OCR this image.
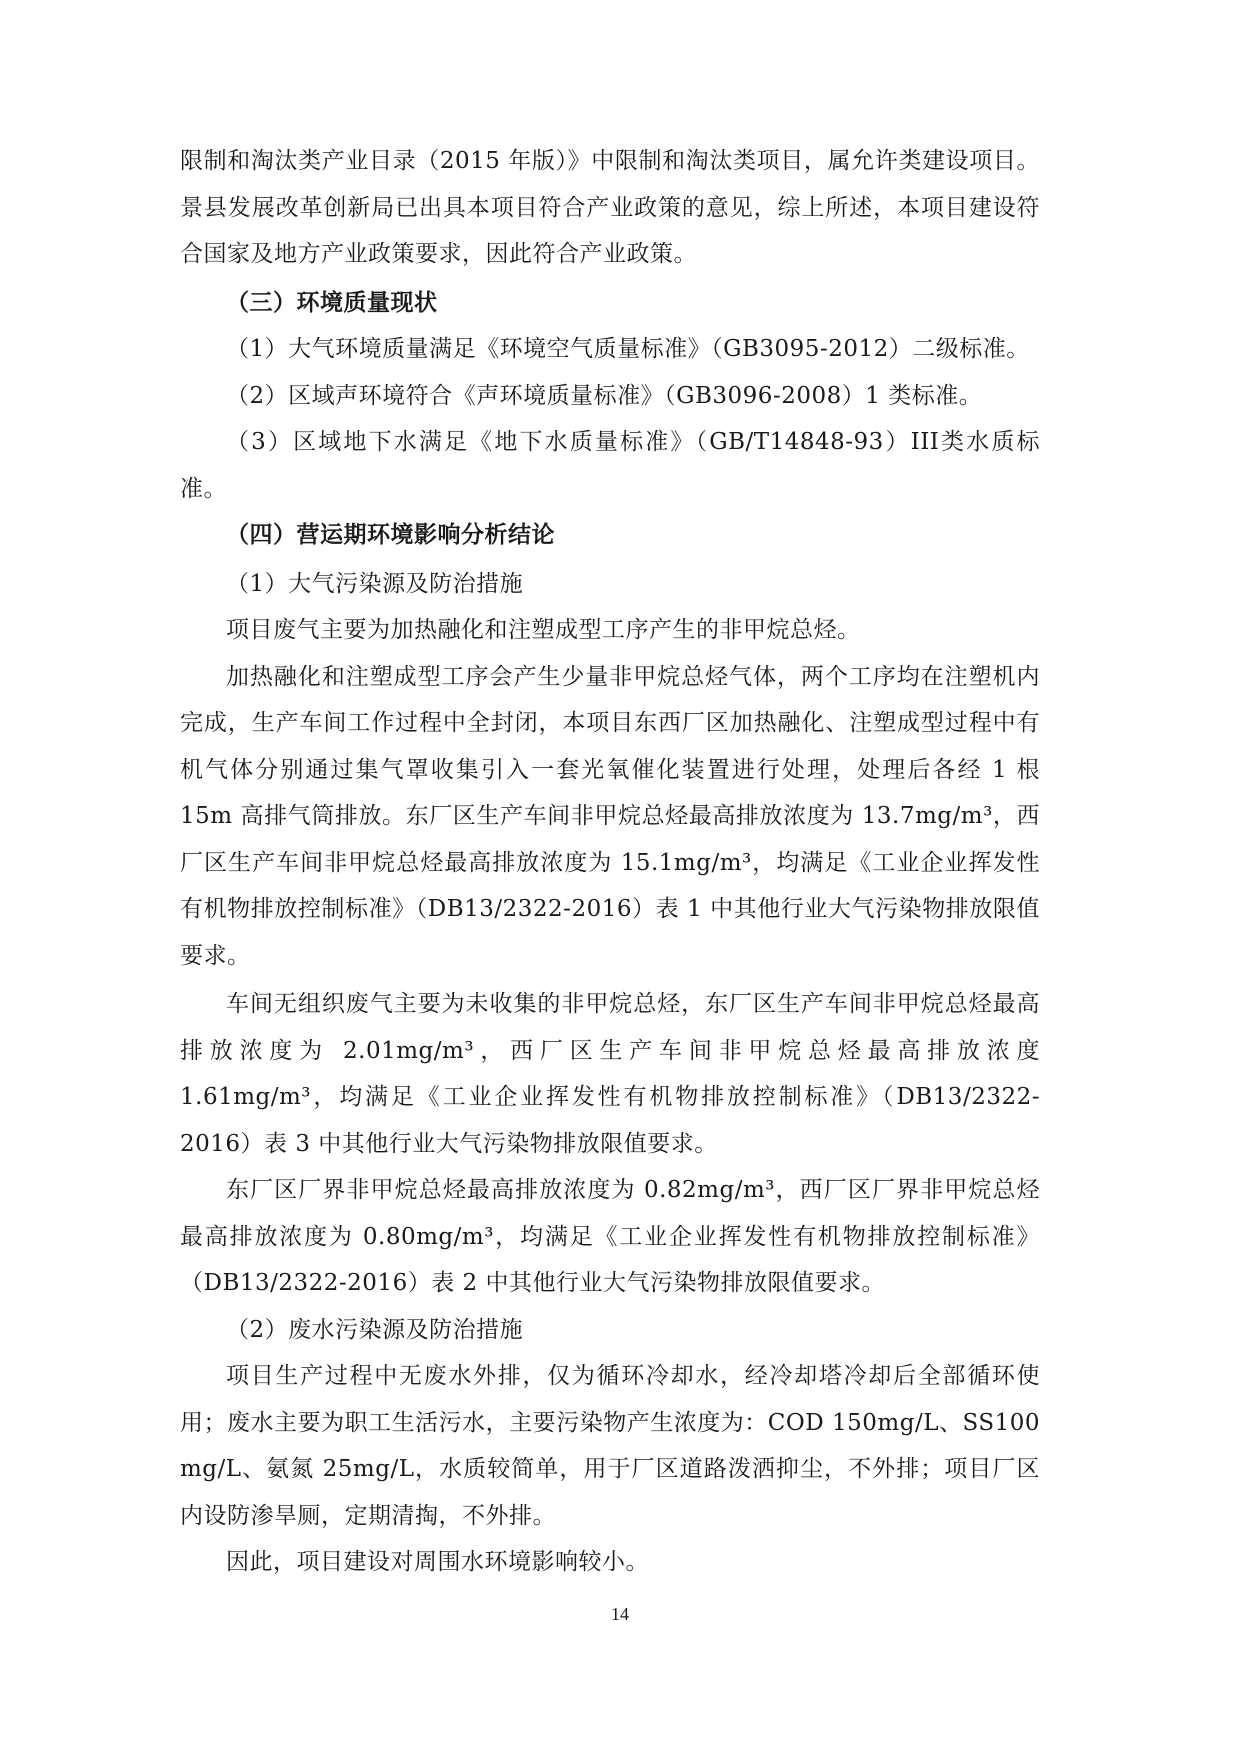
限制和淘汰类产业目录（2015 年版）》中限制和淘汰类项目，属允许类建设项目。景县发展改革创新局已出具本项目符合产业政策的意见，综上所述，本项目建设符合国家及地方产业政策要求，因此符合产业政策。

（三）环境质量现状

（1）大气环境质量满足《环境空气质量标准》（GB3095-2012）二级标准。

（2）区域声环境符合《声环境质量标准》（GB3096-2008）1 类标准。

（3）区域地下水满足《地下水质量标准》（GB/T14848-93）III类水质标准。

（四）营运期环境影响分析结论

（1）大气污染源及防治措施

项目废气主要为加热融化和注塑成型工序产生的非甲烷总烃。

加热融化和注塑成型工序会产生少量非甲烷总烃气体，两个工序均在注塑机内完成，生产车间工作过程中全封闭，本项目东西厂区加热融化、注塑成型过程中有机气体分别通过集气罩收集引入一套光氧催化装置进行处理，处理后各经 1 根 15m 高排气筒排放。东厂区生产车间非甲烷总烃最高排放浓度为 13.7mg/m³，西厂区生产车间非甲烷总烃最高排放浓度为 15.1mg/m³，均满足《工业企业挥发性有机物排放控制标准》（DB13/2322-2016）表 1 中其他行业大气污染物排放限值要求。

车间无组织废气主要为未收集的非甲烷总烃，东厂区生产车间非甲烷总烃最高排放浓度为 2.01mg/m³，西厂区生产车间非甲烷总烃最高排放浓度 1.61mg/m³，均满足《工业企业挥发性有机物排放控制标准》（DB13/2322-2016）表 3 中其他行业大气污染物排放限值要求。

东厂区厂界非甲烷总烃最高排放浓度为 0.82mg/m³，西厂区厂界非甲烷总烃最高排放浓度为 0.80mg/m³，均满足《工业企业挥发性有机物排放控制标准》（DB13/2322-2016）表 2 中其他行业大气污染物排放限值要求。

（2）废水污染源及防治措施

项目生产过程中无废水外排，仅为循环冷却水，经冷却塔冷却后全部循环使用；废水主要为职工生活污水，主要污染物产生浓度为：COD 150mg/L、SS100 mg/L、氨氮 25mg/L，水质较简单，用于厂区道路泼洒抑尘，不外排；项目厂区内设防渗旱厕，定期清掏，不外排。

因此，项目建设对周围水环境影响较小。

14
